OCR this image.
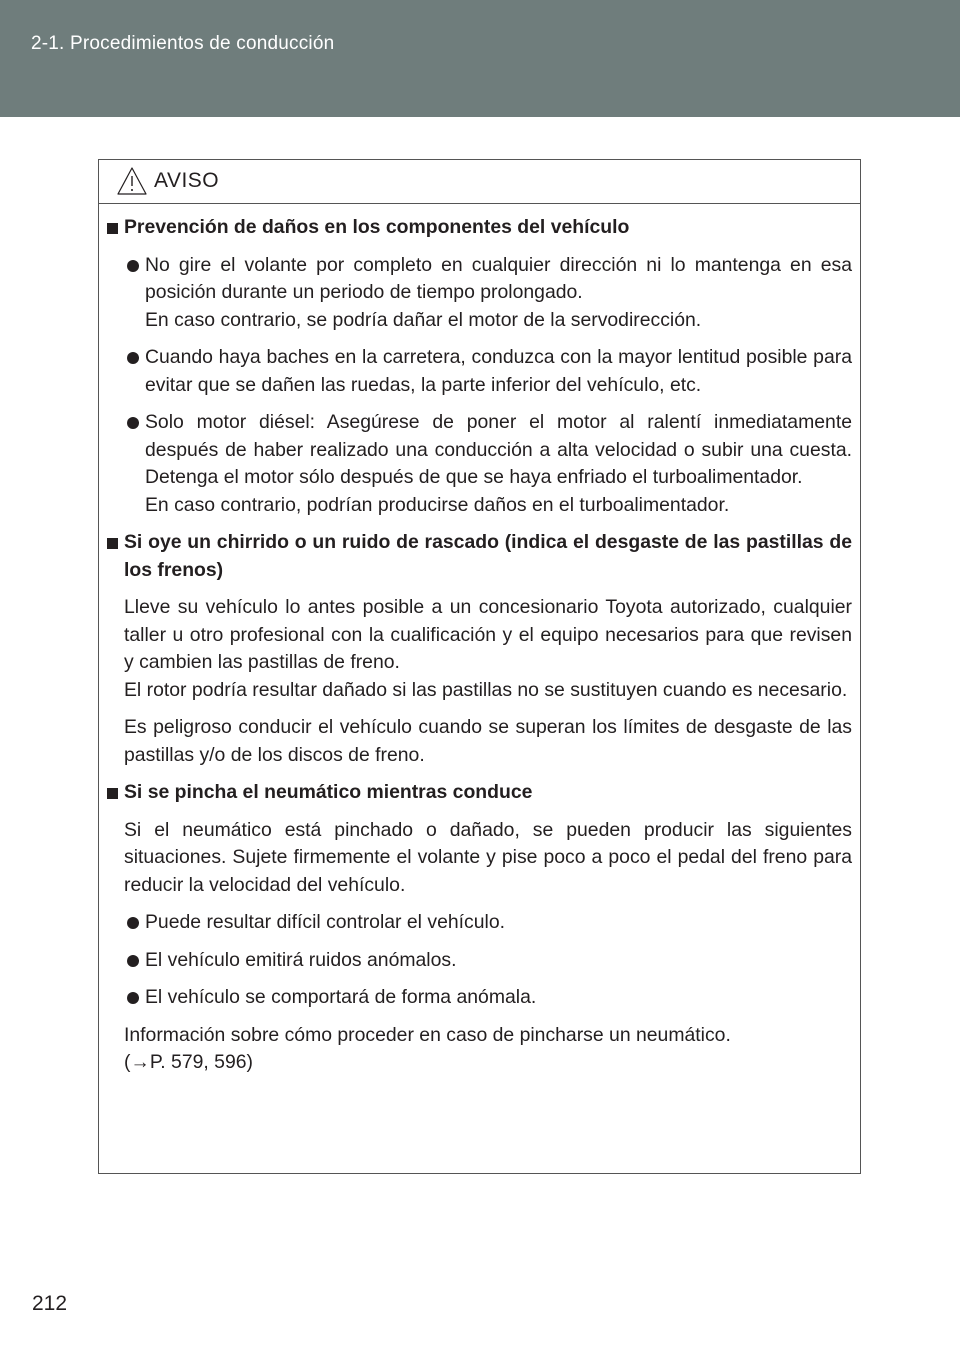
2-1. Procedimientos de conducción
AVISO
Prevención de daños en los componentes del vehículo
No gire el volante por completo en cualquier dirección ni lo mantenga en esa posición durante un periodo de tiempo prolongado.
En caso contrario, se podría dañar el motor de la servodirección.
Cuando haya baches en la carretera, conduzca con la mayor lentitud posible para evitar que se dañen las ruedas, la parte inferior del vehículo, etc.
Solo motor diésel: Asegúrese de poner el motor al ralentí inmediatamente después de haber realizado una conducción a alta velocidad o subir una cuesta. Detenga el motor sólo después de que se haya enfriado el turboalimentador.
En caso contrario, podrían producirse daños en el turboalimentador.
Si oye un chirrido o un ruido de rascado (indica el desgaste de las pastillas de los frenos)
Lleve su vehículo lo antes posible a un concesionario Toyota autorizado, cualquier taller u otro profesional con la cualificación y el equipo necesarios para que revisen y cambien las pastillas de freno.
El rotor podría resultar dañado si las pastillas no se sustituyen cuando es necesario.
Es peligroso conducir el vehículo cuando se superan los límites de desgaste de las pastillas y/o de los discos de freno.
Si se pincha el neumático mientras conduce
Si el neumático está pinchado o dañado, se pueden producir las siguientes situaciones. Sujete firmemente el volante y pise poco a poco el pedal del freno para reducir la velocidad del vehículo.
Puede resultar difícil controlar el vehículo.
El vehículo emitirá ruidos anómalos.
El vehículo se comportará de forma anómala.
Información sobre cómo proceder en caso de pincharse un neumático.
(→P. 579, 596)
212
